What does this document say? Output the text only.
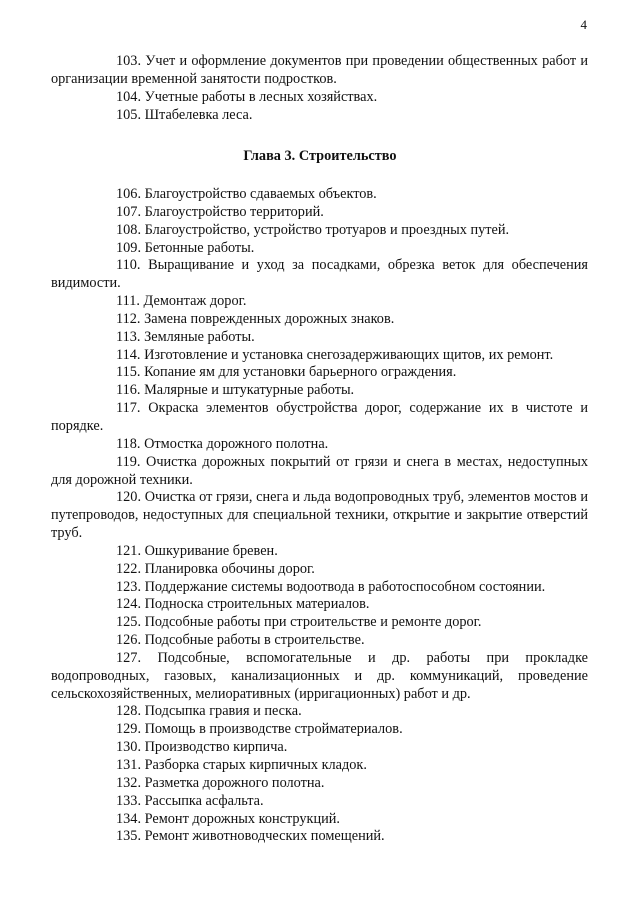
4

103. Учет и оформление документов при проведении общественных работ и организации временной занятости подростков.

104. Учетные работы в лесных хозяйствах.

105. Штабелевка леса.

Глава 3. Строительство

106. Благоустройство сдаваемых объектов.

107. Благоустройство территорий.

108. Благоустройство, устройство тротуаров и проездных путей.

109. Бетонные работы.

110. Выращивание и уход за посадками, обрезка веток для обеспечения видимости.

111. Демонтаж дорог.

112. Замена поврежденных дорожных знаков.

113. Земляные работы.

114. Изготовление и установка снегозадерживающих щитов, их ремонт.

115. Копание ям для установки барьерного ограждения.

116. Малярные и штукатурные работы.

117. Окраска элементов обустройства дорог, содержание их в чистоте и порядке.

118. Отмостка дорожного полотна.

119. Очистка дорожных покрытий от грязи и снега в местах, недоступных для дорожной техники.

120. Очистка от грязи, снега и льда водопроводных труб, элементов мостов и путепроводов, недоступных для специальной техники, открытие и закрытие отверстий труб.

121. Ошкуривание бревен.

122. Планировка обочины дорог.

123. Поддержание системы водоотвода в работоспособном состоянии.

124. Подноска строительных материалов.

125. Подсобные работы при строительстве и ремонте дорог.

126. Подсобные работы в строительстве.

127. Подсобные, вспомогательные и др. работы при прокладке водопроводных, газовых, канализационных и др. коммуникаций, проведение сельскохозяйственных, мелиоративных (ирригационных) работ и др.

128. Подсыпка гравия и песка.

129. Помощь в производстве стройматериалов.

130. Производство кирпича.

131. Разборка старых кирпичных кладок.

132. Разметка дорожного полотна.

133. Рассыпка асфальта.

134. Ремонт дорожных конструкций.

135. Ремонт животноводческих помещений.
